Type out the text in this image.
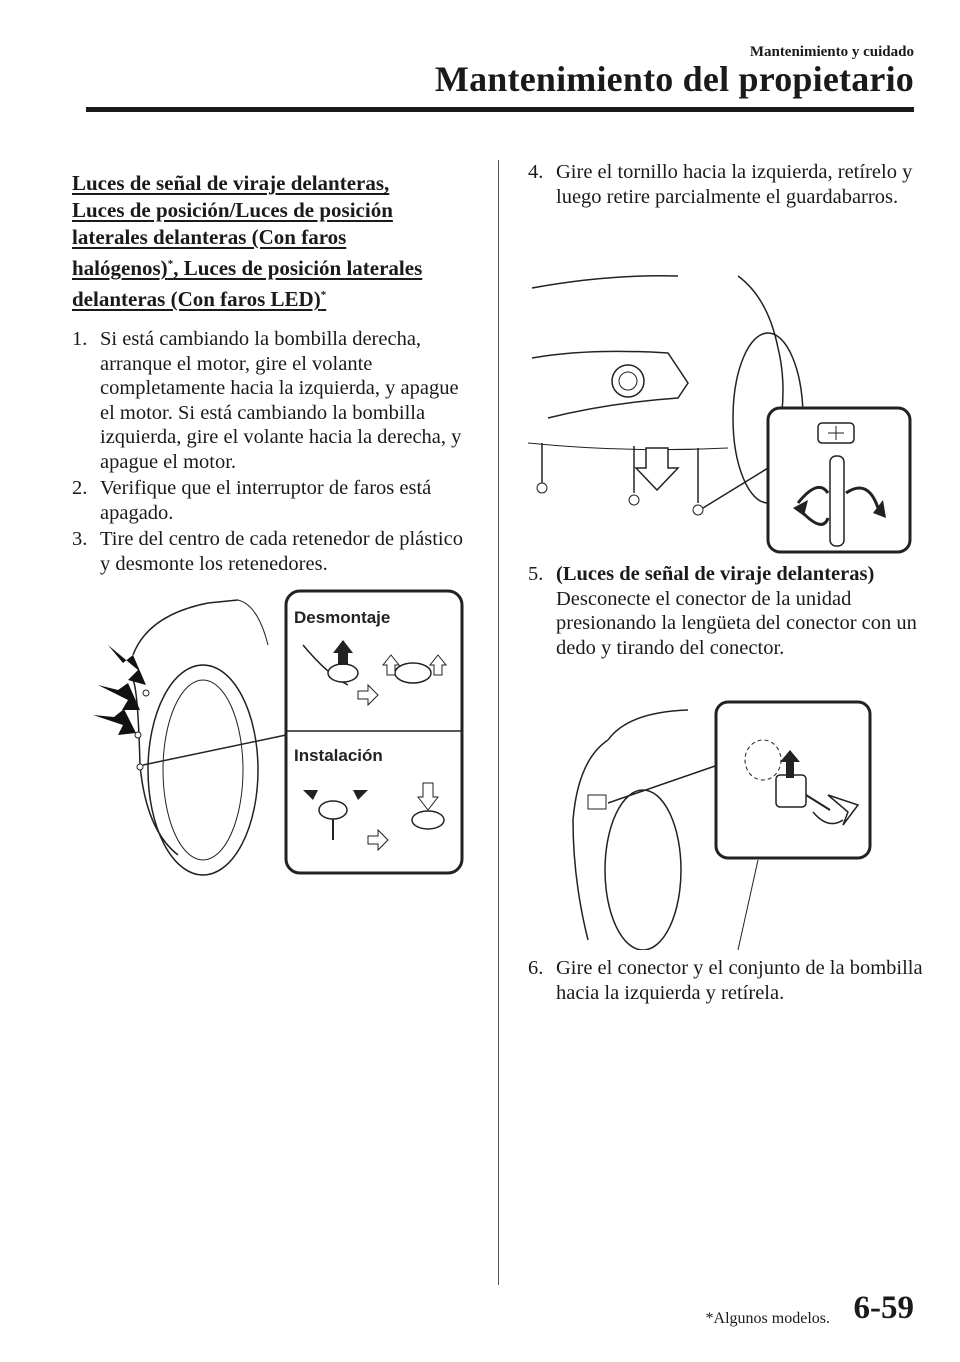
Mantenimiento y cuidado
Mantenimiento del propietario
Luces de señal de viraje delanteras,
Luces de posición/Luces de posición
laterales delanteras (Con faros
halógenos)*, Luces de posición laterales
delanteras (Con faros LED)*
1. Si está cambiando la bombilla derecha, arranque el motor, gire el volante completamente hacia la izquierda, y apague el motor. Si está cambiando la bombilla izquierda, gire el volante hacia la derecha, y apague el motor.
2. Verifique que el interruptor de faros está apagado.
3. Tire del centro de cada retenedor de plástico y desmonte los retenedores.
Desmontaje
Instalación
4. Gire el tornillo hacia la izquierda, retírelo y luego retire parcialmente el guardabarros.
5. (Luces de señal de viraje delanteras)
Desconecte el conector de la unidad presionando la lengüeta del conector con un dedo y tirando del conector.
6. Gire el conector y el conjunto de la bombilla hacia la izquierda y retírela.
*Algunos modelos. 6-59
